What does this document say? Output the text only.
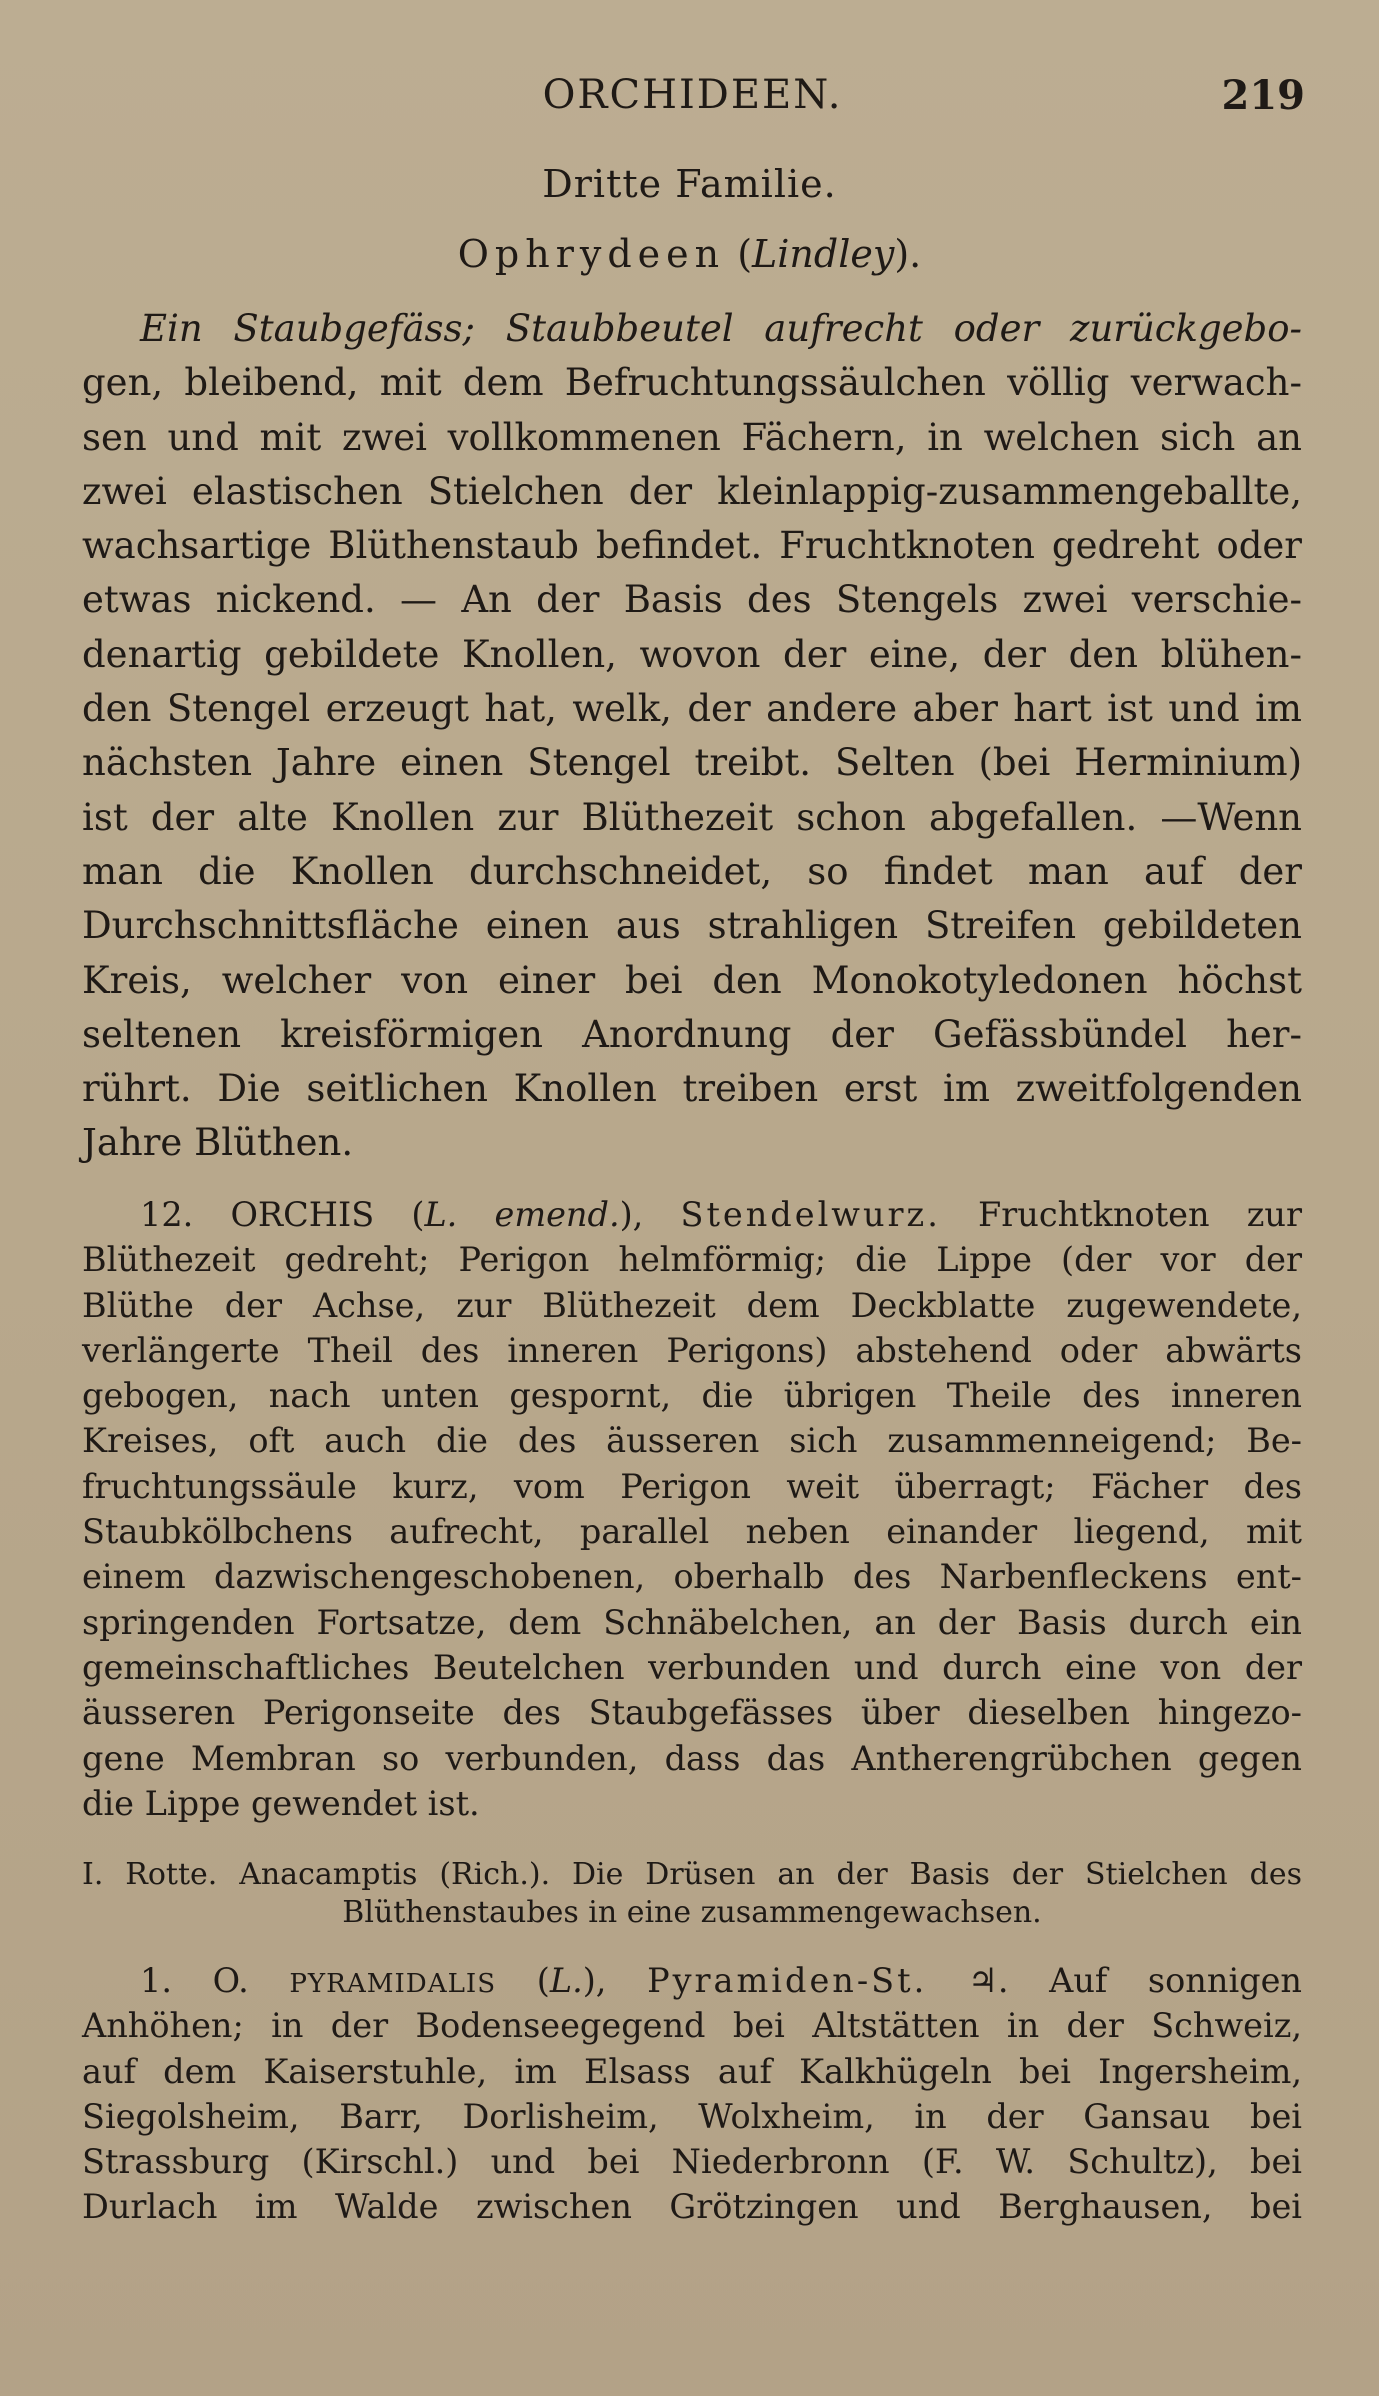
ORCHIDEEN.	219
Dritte Familie.
Ophrydeen (Lindley).
Ein Staubgefäss; Staubbeutel aufrecht oder zurückgebo-
gen, bleibend, mit dem Befruchtungssäulchen völlig verwach-
sen und mit zwei vollkommenen Fächern, in welchen sich an
zwei elastischen Stielchen der kleinlappig-zusammengeballte,
wachsartige Blüthenstaub befindet. Fruchtknoten gedreht oder
etwas nickend. — An der Basis des Stengels zwei verschie-
denartig gebildete Knollen, wovon der eine, der den blühen-
den Stengel erzeugt hat, welk, der andere aber hart ist und im
nächsten Jahre einen Stengel treibt. Selten (bei Herminium)
ist der alte Knollen zur Blüthezeit schon abgefallen. —Wenn
man die Knollen durchschneidet, so findet man auf der
Durchschnittsfläche einen aus strahligen Streifen gebildeten
Kreis, welcher von einer bei den Monokotyledonen höchst
seltenen kreisförmigen Anordnung der Gefässbündel her-
rührt. Die seitlichen Knollen treiben erst im zweitfolgenden
Jahre Blüthen.
12. ORCHIS (L. emend.), Stendelwurz. Fruchtknoten zur
Blüthezeit gedreht; Perigon helmförmig; die Lippe (der vor der
Blüthe der Achse, zur Blüthezeit dem Deckblatte zugewendete,
verlängerte Theil des inneren Perigons) abstehend oder abwärts
gebogen, nach unten gespornt, die übrigen Theile des inneren
Kreises, oft auch die des äusseren sich zusammenneigend; Be-
fruchtungssäule kurz, vom Perigon weit überragt; Fächer des
Staubkölbchens aufrecht, parallel neben einander liegend, mit
einem dazwischengeschobenen, oberhalb des Narbenfleckens ent-
springenden Fortsatze, dem Schnäbelchen, an der Basis durch ein
gemeinschaftliches Beutelchen verbunden und durch eine von der
äusseren Perigonseite des Staubgefässes über dieselben hingezo-
gene Membran so verbunden, dass das Antherengrübchen gegen
die Lippe gewendet ist.
I. Rotte. Anacamptis (Rich.). Die Drüsen an der Basis der Stielchen des
Blüthenstaubes in eine zusammengewachsen.
1. O. PYRAMIDALIS (L.), Pyramiden-St. ♃. Auf sonnigen
Anhöhen; in der Bodenseegegend bei Altstätten in der Schweiz,
auf dem Kaiserstuhle, im Elsass auf Kalkhügeln bei Ingersheim,
Siegolsheim, Barr, Dorlisheim, Wolxheim, in der Gansau bei
Strassburg (Kirschl.) und bei Niederbronn (F. W. Schultz), bei
Durlach im Walde zwischen Grötzingen und Berghausen, bei
